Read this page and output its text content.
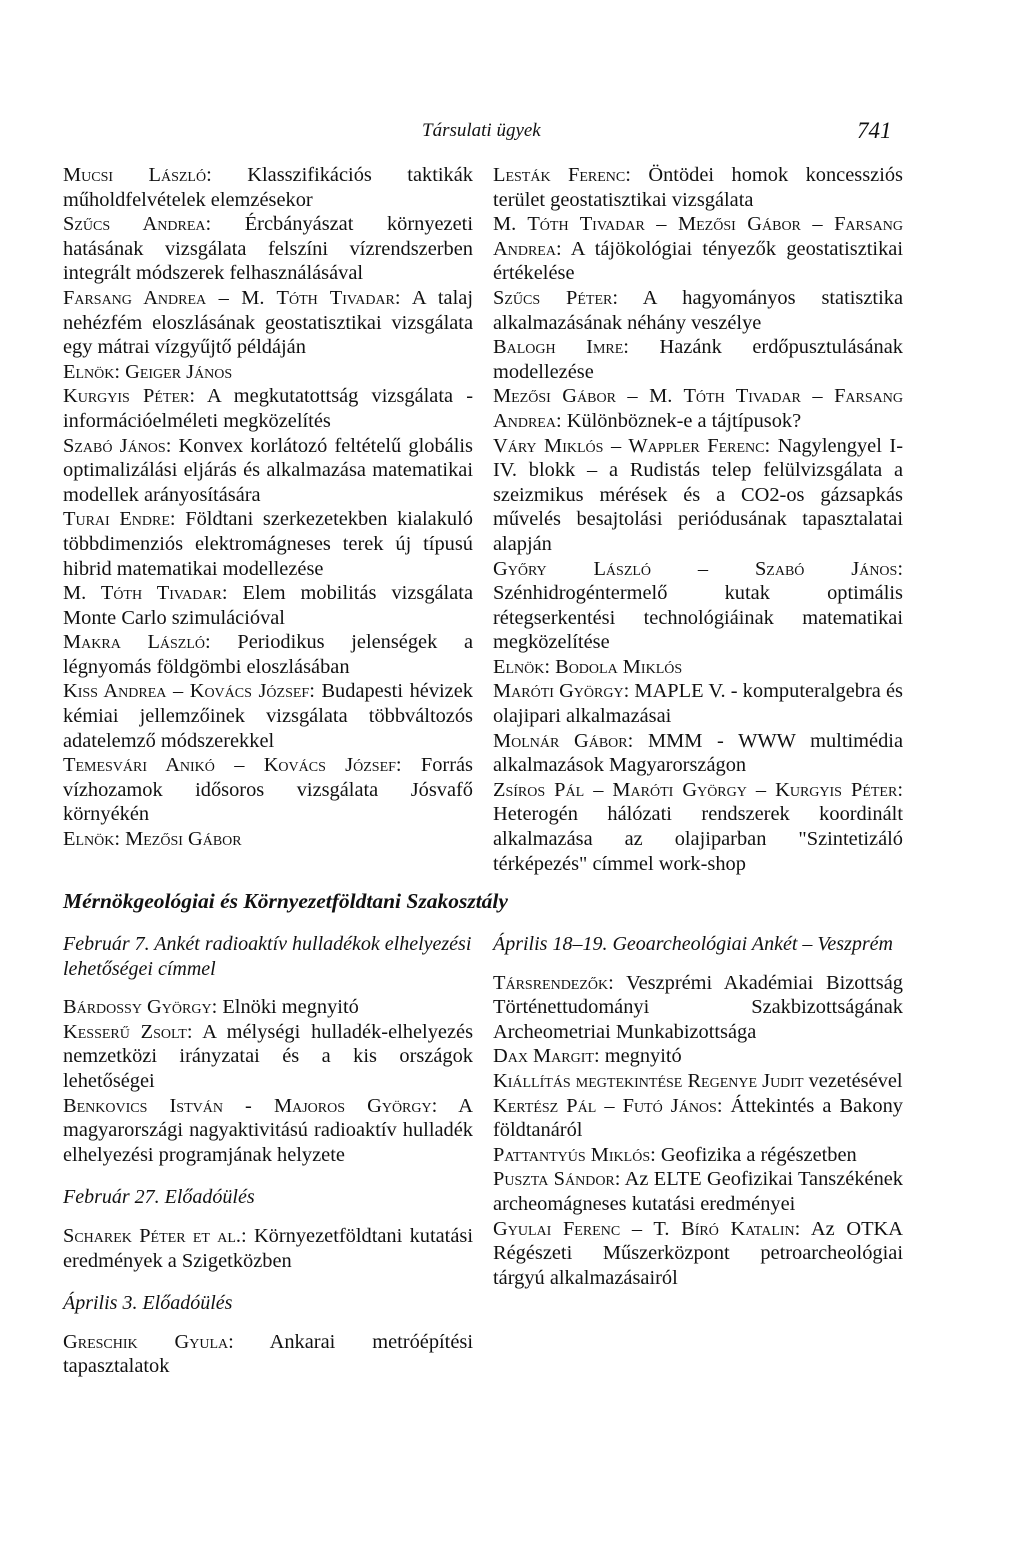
Társulati ügyek	741
Mucsi László: Klasszifikációs taktikák műholdfelvételek elemzésekor
Szűcs Andrea: Ércbányászat környezeti hatásának vizsgálata felszíni vízrendszerben integrált módszerek felhasználásával
Farsang Andrea – M. Tóth Tivadar: A talaj nehézfém eloszlásának geostatisztikai vizsgálata egy mátrai vízgyűjtő példáján
Elnök: Geiger János
Kurgyis Péter: A megkutatottság vizsgálata - információelméleti megközelítés
Szabó János: Konvex korlátozó feltételű globális optimalizálási eljárás és alkalmazása matematikai modellek arányosítására
Turai Endre: Földtani szerkezetekben kialakuló többdimenziós elektromágneses terek új típusú hibrid matematikai modellezése
M. Tóth Tivadar: Elem mobilitás vizsgálata Monte Carlo szimulációval
Makra László: Periodikus jelenségek a légnyomás földgömbi eloszlásában
Kiss Andrea – Kovács József: Budapesti hévizek kémiai jellemzőinek vizsgálata többváltozós adatelemző módszerekkel
Temesvári Anikó – Kovács József: Forrás vízhozamok idősoros vizsgálata Jósvafő környékén
Elnök: Mezősi Gábor
Lesták Ferenc: Öntödei homok koncessziós terület geostatisztikai vizsgálata
M. Tóth Tivadar – Mezősi Gábor – Farsang Andrea: A tájökológiai tényezők geostatisztikai értékelése
Szűcs Péter: A hagyományos statisztika alkalmazásának néhány veszélye
Balogh Imre: Hazánk erdőpusztulásának modellezése
Mezősi Gábor – M. Tóth Tivadar – Farsang Andrea: Különböznek-e a tájtípusok?
Váry Miklós – Wappler Ferenc: Nagylengyel I-IV. blokk – a Rudistás telep felülvizsgálata a szeizmikus mérések és a CO2-os gázsapkás művelés besajtolási periódusának tapasztalatai alapján
Győry László – Szabó János: Szénhidrogéntermelő kutak optimális rétegserkentési technológiáinak matematikai megközelítése
Elnök: Bodola Miklós
Maróti György: MAPLE V. - komputeralgebra és olajipari alkalmazásai
Molnár Gábor: MMM - WWW multimédia alkalmazások Magyarországon
Zsíros Pál – Maróti György – Kurgyis Péter: Heterogén hálózati rendszerek koordinált alkalmazása az olajiparban "Szintetizáló térképezés" címmel work-shop
Mérnökgeológiai és Környezetföldtani Szakosztály
Február 7. Ankét radioaktív hulladékok elhelyezési lehetőségei címmel
Bárdossy György: Elnöki megnyitó
Kesserű Zsolt: A mélységi hulladék-elhelyezés nemzetközi irányzatai és a kis országok lehetőségei
Benkovics István - Majoros György: A magyarországi nagyaktivitású radioaktív hulladék elhelyezési programjának helyzete
Február 27. Előadóülés
Scharek Péter et al.: Környezetföldtani kutatási eredmények a Szigetközben
Április 3. Előadóülés
Greschik Gyula: Ankarai metróépítési tapasztalatok
Április 18–19. Geoarcheológiai Ankét – Veszprém
Társrendezők: Veszprémi Akadémiai Bizottság Történettudományi Szakbizottságának Archeometriai Munkabizottsága
Dax Margit: megnyitó
Kiállítás megtekintése Regenye Judit vezetésével
Kertész Pál – Futó János: Áttekintés a Bakony földtanáról
Pattantyús Miklós: Geofizika a régészetben
Puszta Sándor: Az ELTE Geofizikai Tanszékének archeomágneses kutatási eredményei
Gyulai Ferenc – T. Bíró Katalin: Az OTKA Régészeti Műszerközpont petroarcheológiai tárgyú alkalmazásairól
